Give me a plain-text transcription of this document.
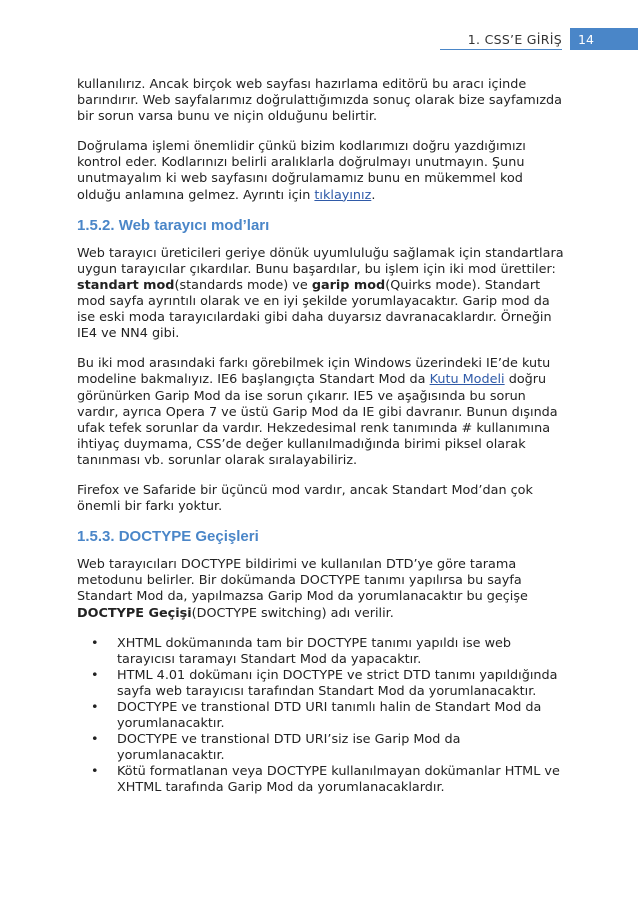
1. CSS’E GİRİŞ	14

kullanılırız. Ancak birçok web sayfası hazırlama editörü bu aracı içinde barındırır. Web sayfalarımız doğrulattığımızda sonuç olarak bize sayfamızda bir sorun varsa bunu ve niçin olduğunu belirtir.

Doğrulama işlemi önemlidir çünkü bizim kodlarımızı doğru yazdığımızı kontrol eder. Kodlarınızı belirli aralıklarla doğrulmayı unutmayın. Şunu unutmayalım ki web sayfasını doğrulamamız bunu en mükemmel kod olduğu anlamına gelmez. Ayrıntı için tıklayınız.

1.5.2. Web tarayıcı mod’ları

Web tarayıcı üreticileri geriye dönük uyumluluğu sağlamak için standartlara uygun tarayıcılar çıkardılar. Bunu başardılar, bu işlem için iki mod ürettiler: standart mod(standards mode) ve garip mod(Quirks mode). Standart mod sayfa ayrıntılı olarak ve en iyi şekilde yorumlayacaktır. Garip mod da ise eski moda tarayıcılardaki gibi daha duyarsız davranacaklardır. Örneğin IE4 ve NN4 gibi.

Bu iki mod arasındaki farkı görebilmek için Windows üzerindeki IE’de kutu modeline bakmalıyız. IE6 başlangıçta Standart Mod da Kutu Modeli doğru görünürken Garip Mod da ise sorun çıkarır. IE5 ve aşağısında bu sorun vardır, ayrıca Opera 7 ve üstü Garip Mod da IE gibi davranır. Bunun dışında ufak tefek sorunlar da vardır. Hekzedesimal renk tanımında # kullanımına ihtiyaç duymama, CSS’de değer kullanılmadığında birimi piksel olarak tanınması vb. sorunlar olarak sıralayabiliriz.

Firefox ve Safaride bir üçüncü mod vardır, ancak Standart Mod’dan çok önemli bir farkı yoktur.

1.5.3. DOCTYPE Geçişleri

Web tarayıcıları DOCTYPE bildirimi ve kullanılan DTD’ye göre tarama metodunu belirler. Bir dokümanda DOCTYPE tanımı yapılırsa bu sayfa Standart Mod da, yapılmazsa Garip Mod da yorumlanacaktır bu geçişe DOCTYPE Geçişi(DOCTYPE switching) adı verilir.

• XHTML dokümanında tam bir DOCTYPE tanımı yapıldı ise web tarayıcısı taramayı Standart Mod da yapacaktır.
• HTML 4.01 dokümanı için DOCTYPE ve strict DTD tanımı yapıldığında sayfa web tarayıcısı tarafından Standart Mod da yorumlanacaktır.
• DOCTYPE ve transtional DTD URI tanımlı halin de Standart Mod da yorumlanacaktır.
• DOCTYPE ve transtional DTD URI’siz ise Garip Mod da yorumlanacaktır.
• Kötü formatlanan veya DOCTYPE kullanılmayan dokümanlar HTML ve XHTML tarafında Garip Mod da yorumlanacaklardır.
